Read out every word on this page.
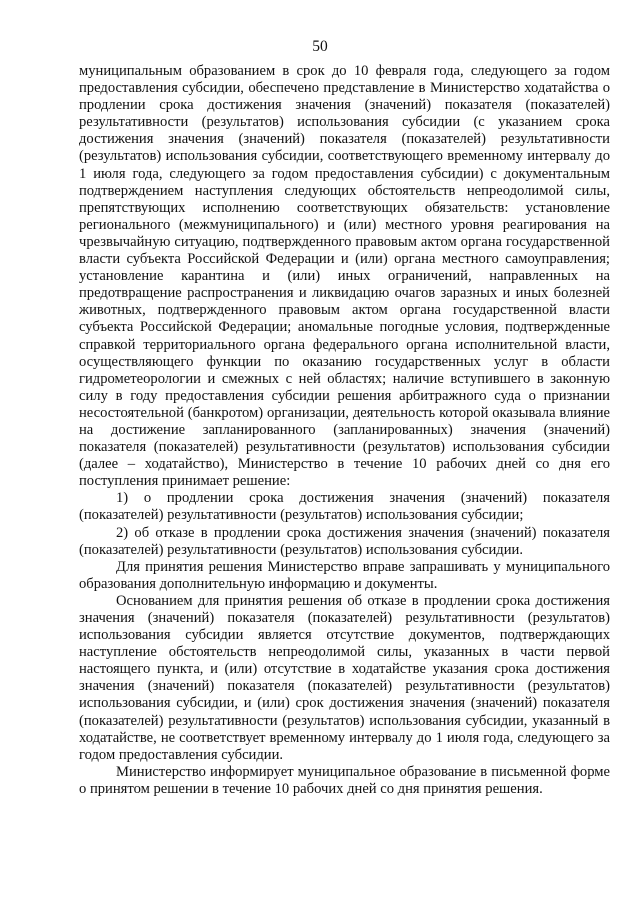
50

муниципальным образованием в срок до 10 февраля года, следующего за годом предоставления субсидии, обеспечено представление в Министерство ходатайства о продлении срока достижения значения (значений) показателя (показателей) результативности (результатов) использования субсидии (с указанием срока достижения значения (значений) показателя (показателей) результативности (результатов) использования субсидии, соответствующего временному интервалу до 1 июля года, следующего за годом предоставления субсидии) с документальным подтверждением наступления следующих обстоятельств непреодолимой силы, препятствующих исполнению соответствующих обязательств: установление регионального (межмуниципального) и (или) местного уровня реагирования на чрезвычайную ситуацию, подтвержденного правовым актом органа государственной власти субъекта Российской Федерации и (или) органа местного самоуправления; установление карантина и (или) иных ограничений, направленных на предотвращение распространения и ликвидацию очагов заразных и иных болезней животных, подтвержденного правовым актом органа государственной власти субъекта Российской Федерации; аномальные погодные условия, подтвержденные справкой территориального органа федерального органа исполнительной власти, осуществляющего функции по оказанию государственных услуг в области гидрометеорологии и смежных с ней областях; наличие вступившего в законную силу в году предоставления субсидии решения арбитражного суда о признании несостоятельной (банкротом) организации, деятельность которой оказывала влияние на достижение запланированного (запланированных) значения (значений) показателя (показателей) результативности (результатов) использования субсидии (далее – ходатайство), Министерство в течение 10 рабочих дней со дня его поступления принимает решение:

1) о продлении срока достижения значения (значений) показателя (показателей) результативности (результатов) использования субсидии;

2) об отказе в продлении срока достижения значения (значений) показателя (показателей) результативности (результатов) использования субсидии.

Для принятия решения Министерство вправе запрашивать у муниципального образования дополнительную информацию и документы.

Основанием для принятия решения об отказе в продлении срока достижения значения (значений) показателя (показателей) результативности (результатов) использования субсидии является отсутствие документов, подтверждающих наступление обстоятельств непреодолимой силы, указанных в части первой настоящего пункта, и (или) отсутствие в ходатайстве указания срока достижения значения (значений) показателя (показателей) результативности (результатов) использования субсидии, и (или) срок достижения значения (значений) показателя (показателей) результативности (результатов) использования субсидии, указанный в ходатайстве, не соответствует временному интервалу до 1 июля года, следующего за годом предоставления субсидии.

Министерство информирует муниципальное образование в письменной форме о принятом решении в течение 10 рабочих дней со дня принятия решения.
